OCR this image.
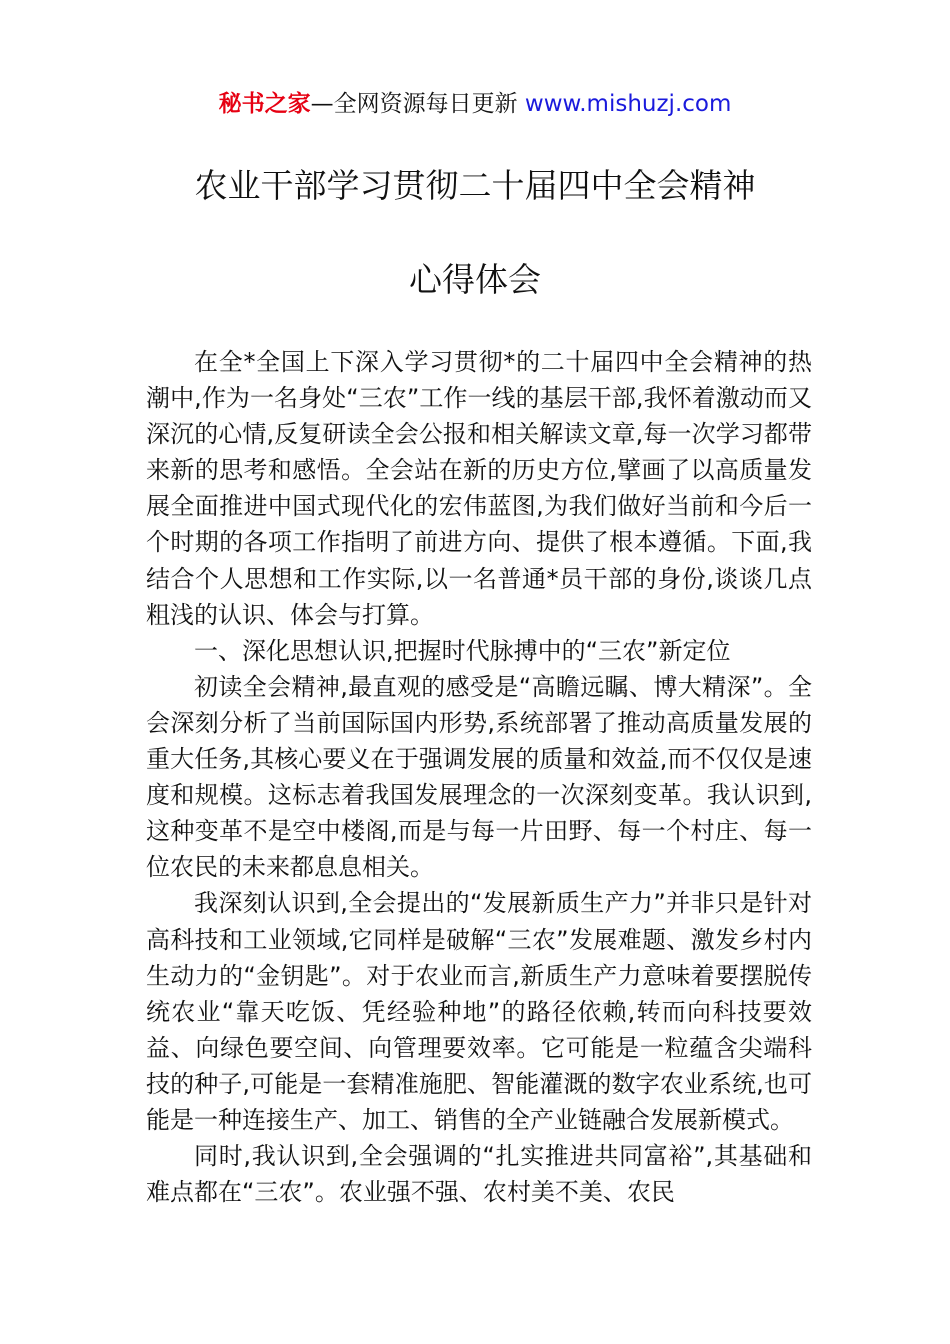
秘书之家—全网资源每日更新 www.mishuzj.com
农业干部学习贯彻二十届四中全会精神
心得体会

在全*全国上下深入学习贯彻*的二十届四中全会精神的热潮中,作为一名身处“三农”工作一线的基层干部,我怀着激动而又深沉的心情,反复研读全会公报和相关解读文章,每一次学习都带来新的思考和感悟。全会站在新的历史方位,擘画了以高质量发展全面推进中国式现代化的宏伟蓝图,为我们做好当前和今后一个时期的各项工作指明了前进方向、提供了根本遵循。下面,我结合个人思想和工作实际,以一名普通*员干部的身份,谈谈几点粗浅的认识、体会与打算。

一、深化思想认识,把握时代脉搏中的“三农”新定位

初读全会精神,最直观的感受是“高瞻远瞩、博大精深”。全会深刻分析了当前国际国内形势,系统部署了推动高质量发展的重大任务,其核心要义在于强调发展的质量和效益,而不仅仅是速度和规模。这标志着我国发展理念的一次深刻变革。我认识到,这种变革不是空中楼阁,而是与每一片田野、每一个村庄、每一位农民的未来都息息相关。

我深刻认识到,全会提出的“发展新质生产力”并非只是针对高科技和工业领域,它同样是破解“三农”发展难题、激发乡村内生动力的“金钥匙”。对于农业而言,新质生产力意味着要摆脱传统农业“靠天吃饭、凭经验种地”的路径依赖,转而向科技要效益、向绿色要空间、向管理要效率。它可能是一粒蕴含尖端科技的种子,可能是一套精准施肥、智能灌溉的数字农业系统,也可能是一种连接生产、加工、销售的全产业链融合发展新模式。

同时,我认识到,全会强调的“扎实推进共同富裕”,其基础和难点都在“三农”。农业强不强、农村美不美、农民
